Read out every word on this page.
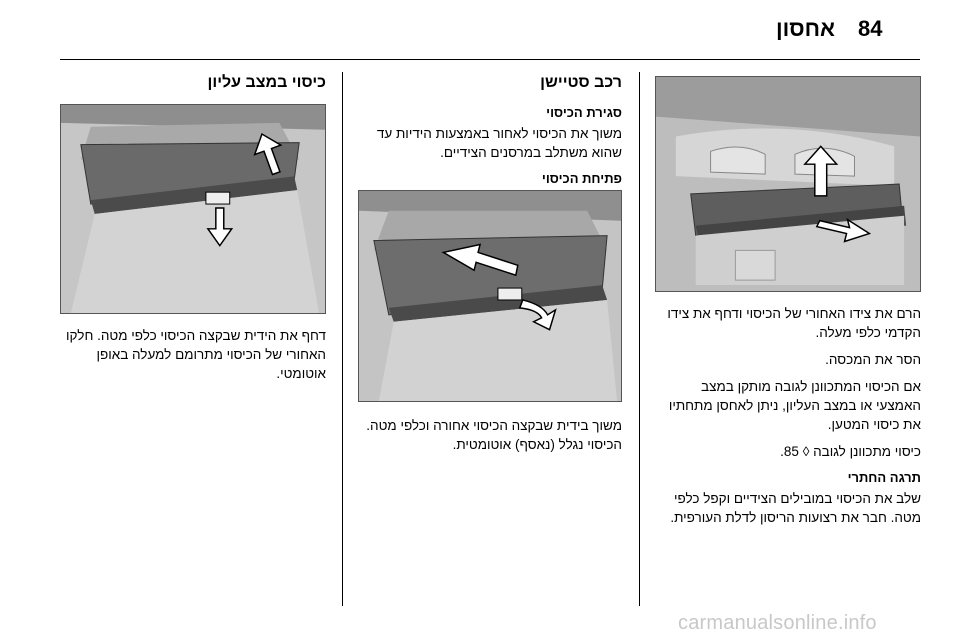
84
אחסון

הרם את צידו האחורי של הכיסוי ודחף את צידו הקדמי כלפי מעלה.

הסר את המכסה.

אם הכיסוי המתכוונן לגובה מותקן במצב האמצעי או במצב העליון, ניתן לאחסן מתחתיו את כיסוי המטען.

כיסוי מתכוונן לגובה ◊ 85.

תרגה החתרי

שלב את הכיסוי במובילים הצידיים וקפל כלפי מטה. חבר את רצועות הריסון לדלת העורפית.

רכב סטיישן
סגירת הכיסוי

משוך את הכיסוי לאחור באמצעות הידיות עד שהוא משתלב במרסנים הצידיים.

פתיחת הכיסוי

משוך בידית שבקצה הכיסוי אחורה וכלפי מטה. הכיסוי נגלל (נאסף) אוטומטית.

כיסוי במצב עליון

דחף את הידית שבקצה הכיסוי כלפי מטה. חלקו האחורי של הכיסוי מתרומם למעלה באופן אוטומטי.

carmanualsonline.info
